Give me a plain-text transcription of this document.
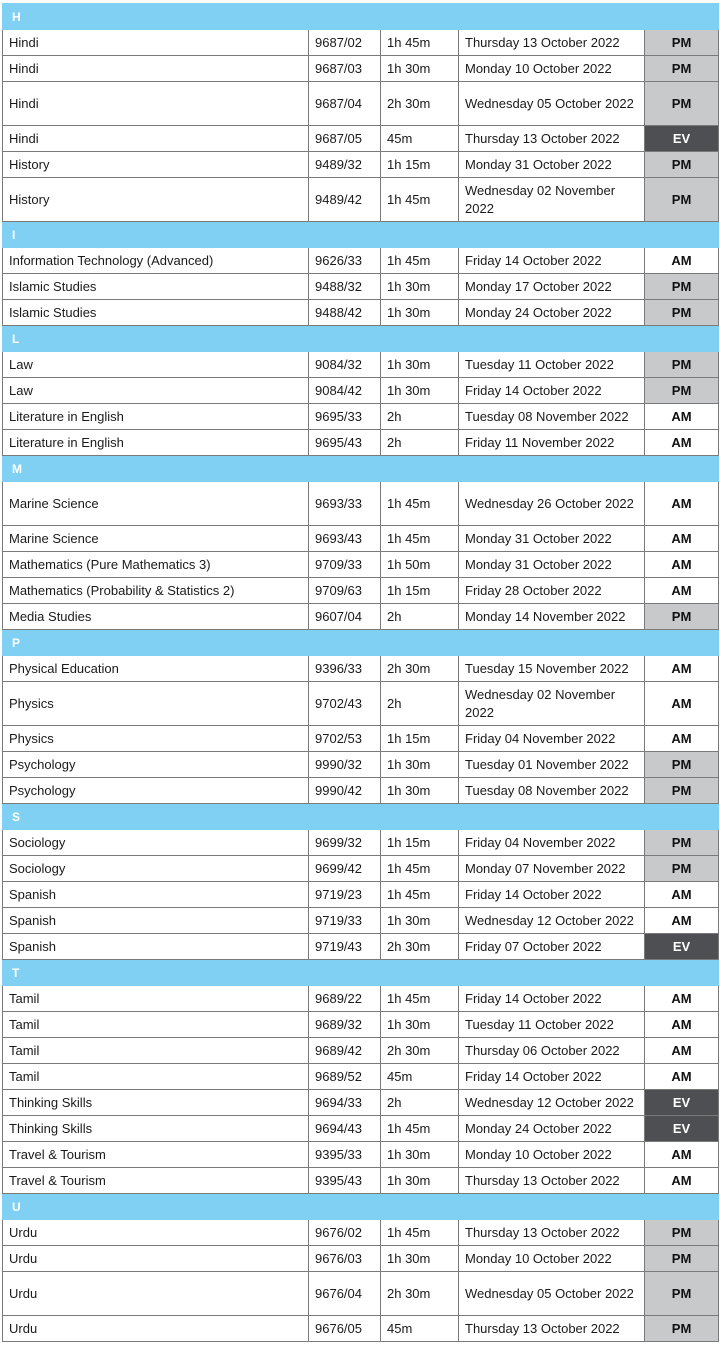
H				
Hindi	9687/02	1h 45m	Thursday 13 October 2022	PM
Hindi	9687/03	1h 30m	Monday 10 October 2022	PM
Hindi	9687/04	2h 30m	Wednesday 05 October 2022	PM
Hindi	9687/05	45m	Thursday 13 October 2022	EV
History	9489/32	1h 15m	Monday 31 October 2022	PM
History	9489/42	1h 45m	Wednesday 02 November 2022	PM
I				
Information Technology (Advanced)	9626/33	1h 45m	Friday 14 October 2022	AM
Islamic Studies	9488/32	1h 30m	Monday 17 October 2022	PM
Islamic Studies	9488/42	1h 30m	Monday 24 October 2022	PM
L				
Law	9084/32	1h 30m	Tuesday 11 October 2022	PM
Law	9084/42	1h 30m	Friday 14 October 2022	PM
Literature in English	9695/33	2h	Tuesday 08 November 2022	AM
Literature in English	9695/43	2h	Friday 11 November 2022	AM
M				
Marine Science	9693/33	1h 45m	Wednesday 26 October 2022	AM
Marine Science	9693/43	1h 45m	Monday 31 October 2022	AM
Mathematics (Pure Mathematics 3)	9709/33	1h 50m	Monday 31 October 2022	AM
Mathematics (Probability & Statistics 2)	9709/63	1h 15m	Friday 28 October 2022	AM
Media Studies	9607/04	2h	Monday 14 November 2022	PM
P				
Physical Education	9396/33	2h 30m	Tuesday 15 November 2022	AM
Physics	9702/43	2h	Wednesday 02 November 2022	AM
Physics	9702/53	1h 15m	Friday 04 November 2022	AM
Psychology	9990/32	1h 30m	Tuesday 01 November 2022	PM
Psychology	9990/42	1h 30m	Tuesday 08 November 2022	PM
S				
Sociology	9699/32	1h 15m	Friday 04 November 2022	PM
Sociology	9699/42	1h 45m	Monday 07 November 2022	PM
Spanish	9719/23	1h 45m	Friday 14 October 2022	AM
Spanish	9719/33	1h 30m	Wednesday 12 October 2022	AM
Spanish	9719/43	2h 30m	Friday 07 October 2022	EV
T				
Tamil	9689/22	1h 45m	Friday 14 October 2022	AM
Tamil	9689/32	1h 30m	Tuesday 11 October 2022	AM
Tamil	9689/42	2h 30m	Thursday 06 October 2022	AM
Tamil	9689/52	45m	Friday 14 October 2022	AM
Thinking Skills	9694/33	2h	Wednesday 12 October 2022	EV
Thinking Skills	9694/43	1h 45m	Monday 24 October 2022	EV
Travel & Tourism	9395/33	1h 30m	Monday 10 October 2022	AM
Travel & Tourism	9395/43	1h 30m	Thursday 13 October 2022	AM
U				
Urdu	9676/02	1h 45m	Thursday 13 October 2022	PM
Urdu	9676/03	1h 30m	Monday 10 October 2022	PM
Urdu	9676/04	2h 30m	Wednesday 05 October 2022	PM
Urdu	9676/05	45m	Thursday 13 October 2022	PM
